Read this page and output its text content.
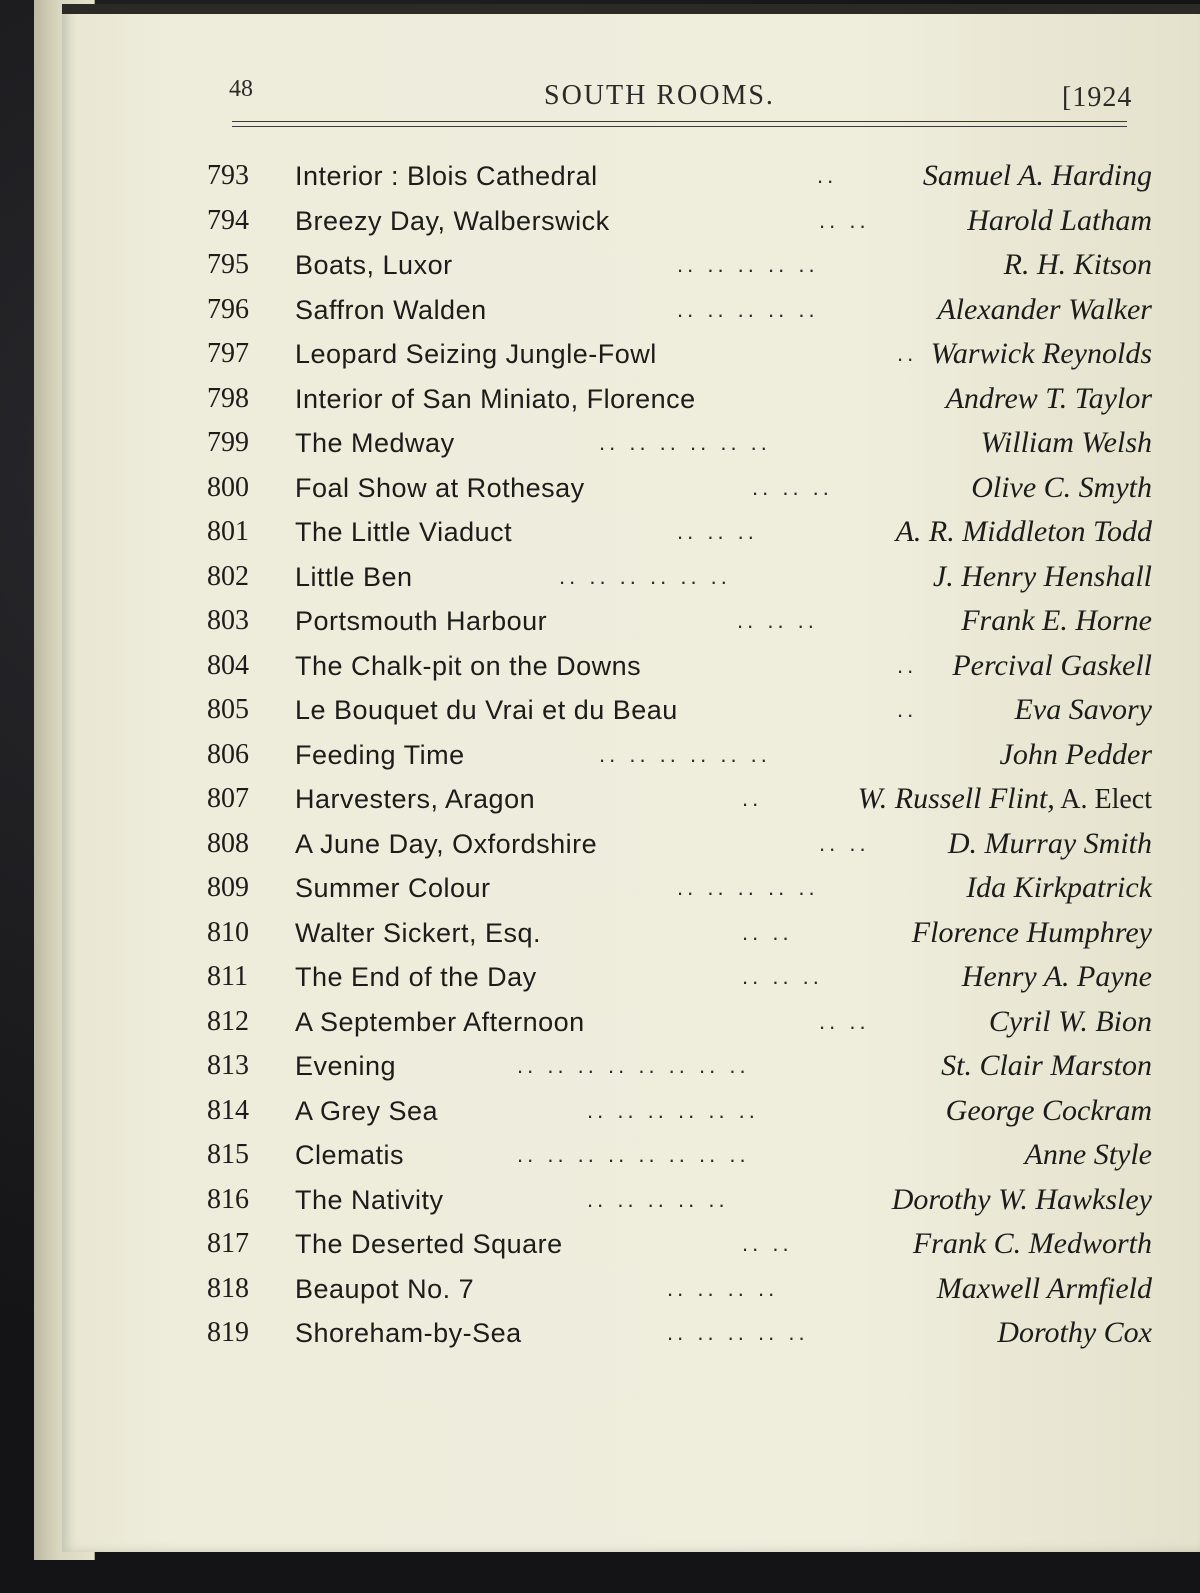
48	SOUTH ROOMS.	[1924
793	Interior : Blois Cathedral	..	Samuel A. Harding
794	Breezy Day, Walberswick	.. ..	Harold Latham
795	Boats, Luxor	.. .. .. .. ..	R. H. Kitson
796	Saffron Walden	.. .. .. .. ..	Alexander Walker
797	Leopard Seizing Jungle-Fowl	.. Warwick Reynolds
798	Interior of San Miniato, Florence	Andrew T. Taylor
799	The Medway	.. .. .. .. .. ..	William Welsh
800	Foal Show at Rothesay	.. .. ..	Olive C. Smyth
801	The Little Viaduct	.. .. ..	A. R. Middleton Todd
802	Little Ben	.. .. .. .. .. ..	J. Henry Henshall
803	Portsmouth Harbour	.. .. ..	Frank E. Horne
804	The Chalk-pit on the Downs	.. Percival Gaskell
805	Le Bouquet du Vrai et du Beau	..	Eva Savory
806	Feeding Time	.. .. .. .. .. ..	John Pedder
807	Harvesters, Aragon	..	W. Russell Flint, A. Elect
808	A June Day, Oxfordshire	.. ..	D. Murray Smith
809	Summer Colour	.. .. .. .. ..	Ida Kirkpatrick
810	Walter Sickert, Esq.	.. ..	Florence Humphrey
811	The End of the Day	.. .. ..	Henry A. Payne
812	A September Afternoon	.. ..	Cyril W. Bion
813	Evening	.. .. .. .. .. .. .. ..	St. Clair Marston
814	A Grey Sea	.. .. .. .. .. ..	George Cockram
815	Clematis	.. .. .. .. .. .. .. ..	Anne Style
816	The Nativity	.. .. .. .. ..	Dorothy W. Hawksley
817	The Deserted Square	.. ..	Frank C. Medworth
818	Beaupot No. 7	.. .. .. ..	Maxwell Armfield
819	Shoreham-by-Sea	.. .. .. .. ..	Dorothy Cox
